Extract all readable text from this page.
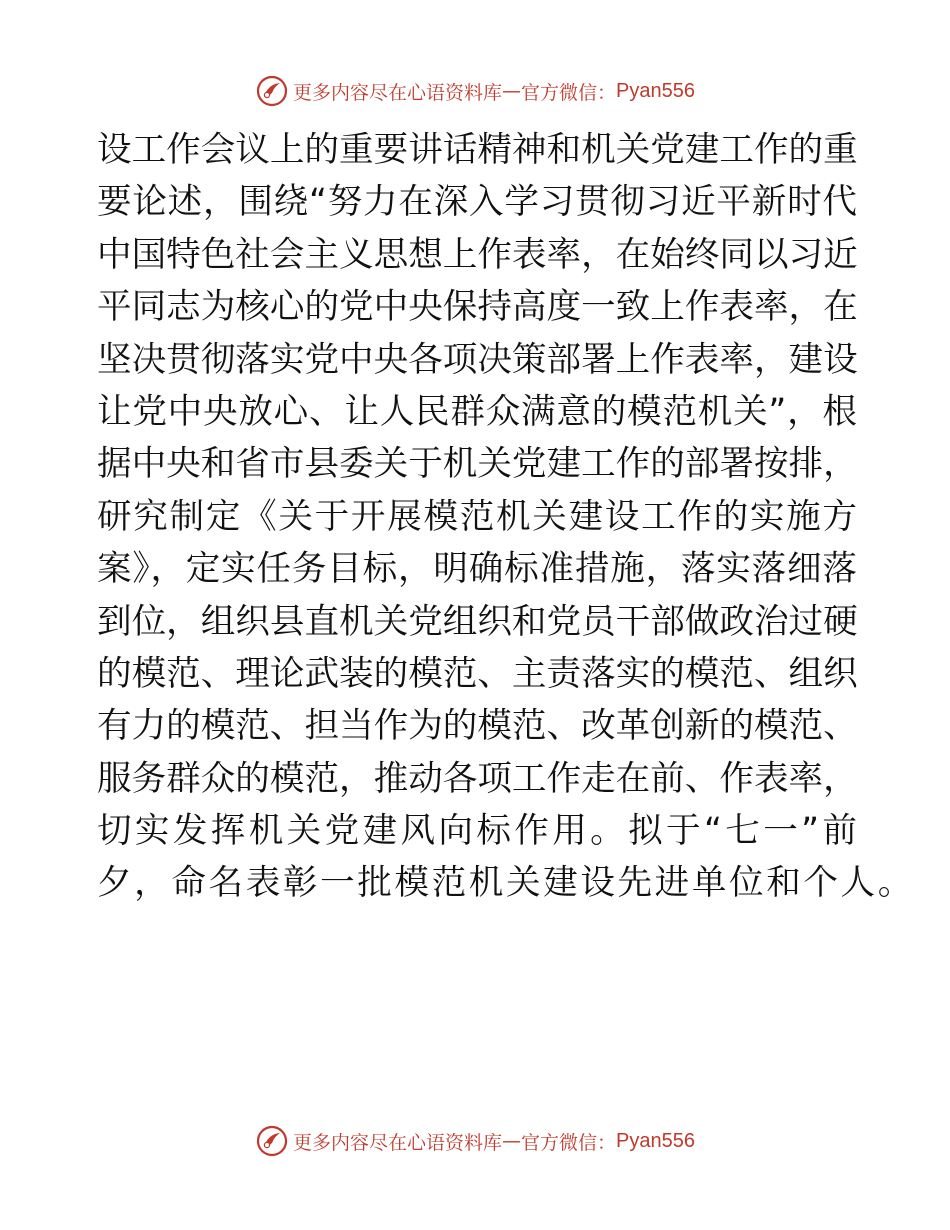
更多内容尽在心语资料库 — 官方微信： Pyan556
设工作会议上的重要讲话精神和机关党建工作的重
要论述，围绕“努力在深入学习贯彻习近平新时代
中国特色社会主义思想上作表率，在始终同以习近
平同志为核心的党中央保持高度一致上作表率，在
坚决贯彻落实党中央各项决策部署上作表率，建设
让党中央放心、让人民群众满意的模范机关”，根
据中央和省市县委关于机关党建工作的部署按排，
研究制定《关于开展模范机关建设工作的实施方
案》，定实任务目标，明确标准措施，落实落细落
到位，组织县直机关党组织和党员干部做政治过硬
的模范、理论武装的模范、主责落实的模范、组织
有力的模范、担当作为的模范、改革创新的模范、
服务群众的模范，推动各项工作走在前、作表率，
切实发挥机关党建风向标作用。拟于“七一”前
夕，命名表彰一批模范机关建设先进单位和个人。
更多内容尽在心语资料库 — 官方微信： Pyan556
